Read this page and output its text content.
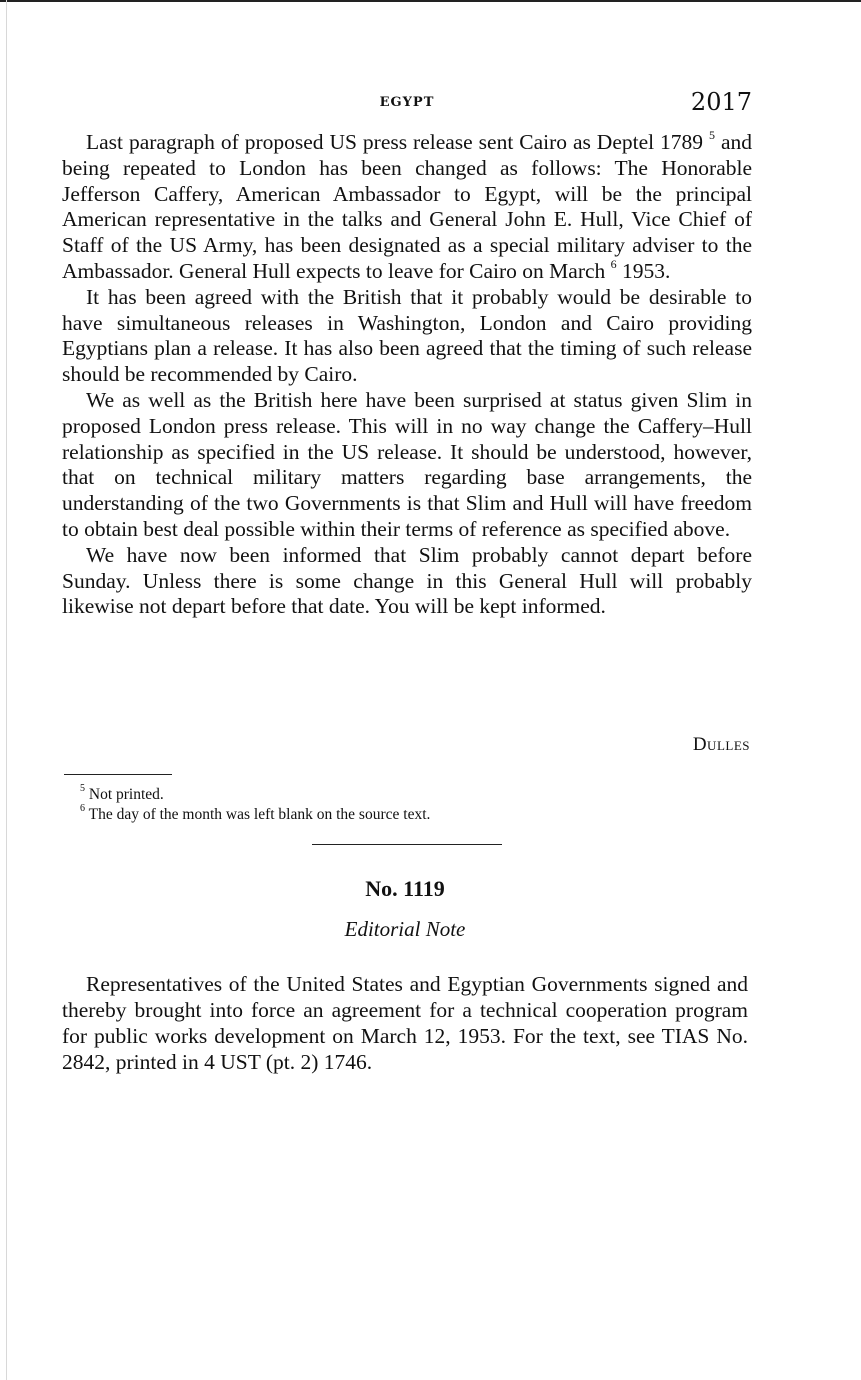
EGYPT	2017

Last paragraph of proposed US press release sent Cairo as Deptel 1789 $^5$ and being repeated to London has been changed as follows: The Honorable Jefferson Caffery, American Ambassador to Egypt, will be the principal American representative in the talks and General John E. Hull, Vice Chief of Staff of the US Army, has been designated as a special military adviser to the Ambassador. General Hull expects to leave for Cairo on March $^6$ 1953.

It has been agreed with the British that it probably would be desirable to have simultaneous releases in Washington, London and Cairo providing Egyptians plan a release. It has also been agreed that the timing of such release should be recommended by Cairo.

We as well as the British here have been surprised at status given Slim in proposed London press release. This will in no way change the Caffery–Hull relationship as specified in the US release. It should be understood, however, that on technical military matters regarding base arrangements, the understanding of the two Governments is that Slim and Hull will have freedom to obtain best deal possible within their terms of reference as specified above.

We have now been informed that Slim probably cannot depart before Sunday. Unless there is some change in this General Hull will probably likewise not depart before that date. You will be kept informed.

Dulles
$^5$ Not printed.
$^6$ The day of the month was left blank on the source text.
No. 1119
Editorial Note

Representatives of the United States and Egyptian Governments signed and thereby brought into force an agreement for a technical cooperation program for public works development on March 12, 1953. For the text, see TIAS No. 2842, printed in 4 UST (pt. 2) 1746.
